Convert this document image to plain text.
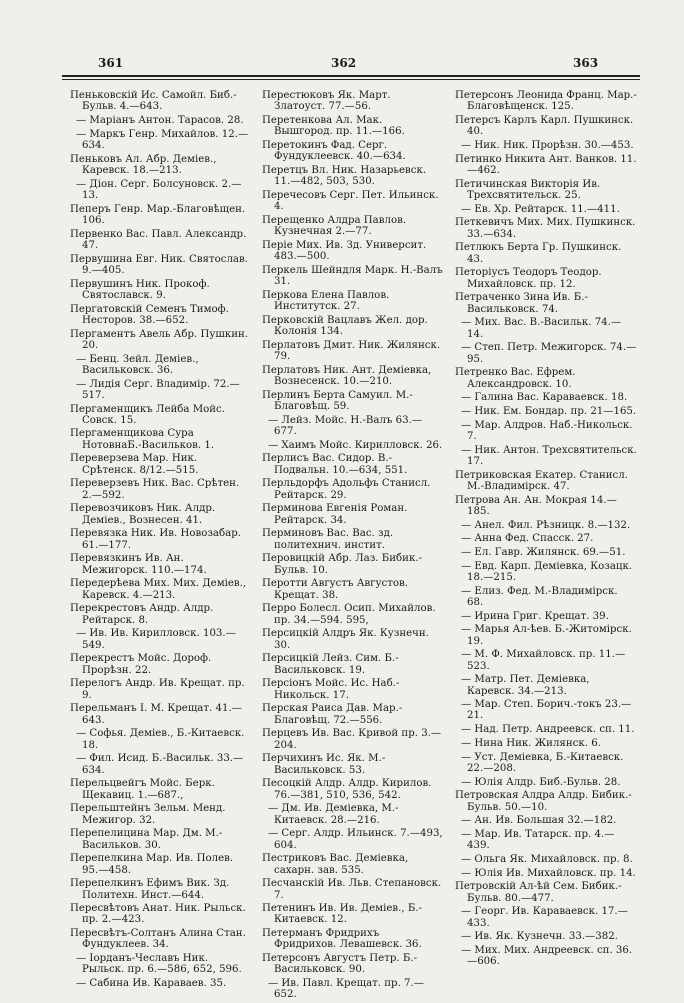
361	362	363
Пеньковскій Ис. Самойл. Биб.-Бульв. 4.—643.
— Маріанъ Антон. Тарасов. 28.
— Маркъ Генр. Михайлов. 12.—634.
Пеньковъ Ал. Абр. Деміев., Каревск. 18.—213.
— Діон. Серг. Болсуновск. 2.—13.
Пеперъ Генр. Мар.-Благовѣщен. 106.
Первенко Вас. Павл. Александр. 47.
Первушина Евг. Ник. Святослав. 9.—405.
Первушинъ Ник. Прокоф. Святославск. 9.
Пергатовскій Семенъ Тимоф. Несторов. 38.—652.
Пергаментъ Авель Абр. Пушкин. 20.
— Бенц. Зейл. Деміев., Васильковск. 36.
— Лидія Серг. Владимір. 72.—517.
Пергаменщикъ Лейба Мойс. Совск. 15.
Пергаменщикова Сура НотовнаБ.-Васильков. 1.
Переверзева Мар. Ник. Срѣтенск. 8/12.—515.
Переверзевъ Ник. Вас. Срѣтен. 2.—592.
Перевозчиковъ Ник. Алдр. Деміев., Вознесен. 41.
Перевязка Ник. Ив. Новозабар. 61.—177.
Перевязкинъ Ив. Ан. Межигорск. 110.—174.
Передерѣева Мих. Мих. Деміев., Каревск. 4.—213.
Перекрестовъ Андр. Алдр. Рейтарск. 8.
— Ив. Ив. Кирилловск. 103.—549.
Перекрестъ Мойс. Дороф. Прорѣзн. 22.
Перелогъ Андр. Ив. Крещат. пр. 9.
Перельманъ І. М. Крещат. 41.—643.
— Софья. Деміев., Б.-Китаевск. 18.
— Фил. Исид. Б.-Васильк. 33.—634.
Перельцвейгъ Мойс. Берк. Щекавиц. 1.—687.,
Перельштейнъ Зельм. Менд. Межигор. 32.
Перепелицина Мар. Дм. М.-Васильков. 30.
Перепелкина Мар. Ив. Полев. 95.—458.
Перепелкинъ Ефимъ Вик. Зд. Политехн. Инст.—644.
Пересвѣтовъ Анат. Ник. Рыльск. пр. 2.—423.
Пересвѣтъ-Солтанъ Алина Стан. Фундуклеев. 34.
— Іорданъ-Чеславъ Ник. Рыльск. пр. 6.—586, 652, 596.
— Сабина Ив. Караваев. 35.
Перестюковъ Як. Март. Златоуст. 77.—56.
Перетенкова Ал. Мак. Вышгород. пр. 11.—166.
Перетокинъ Фад. Серг. Фундуклеевск. 40.—634.
Перетцъ Вл. Ник. Назарьевск. 11.—482, 503, 530.
Перечесовъ Серг. Пет. Ильинск. 4.
Перещенко Алдра Павлов. Кузнечная 2.—77.
Періе Мих. Ив. Зд. Университ. 483.—500.
Перкель Шейндля Марк. Н.-Валъ 31.
Перкова Елена Павлов. Институтск. 27.
Перковскій Вацлавъ Жел. дор. Колонія 134.
Перлатовъ Дмит. Ник. Жилянск. 79.
Перлатовъ Ник. Ант. Деміевка, Вознесенск. 10.—210.
Перлинъ Берта Самуил. М.-Благовѣщ. 59.
— Лейз. Мойс. Н.-Валъ 63.—677.
— Хаимъ Мойс. Кирилловск. 26.
Перлисъ Вас. Сидор. В.-Подвальн. 10.—634, 551.
Перльдорфъ Адольфъ Станисл. Рейтарск. 29.
Перминова Евгенія Роман. Рейтарск. 34.
Перминовъ Вас. Вас. зд. политехнич. инстит.
Перовицкій Абр. Лаз. Бибик.-Бульв. 10.
Перотти Августъ Августов. Крещат. 38.
Перро Болесл. Осип. Михайлов. пр. 34.—594. 595,
Персицкій Алдръ Як. Кузнечн. 30.
Персицкій Лейз. Сим. Б.-Васильковск. 19.
Персіонъ Мойс. Ис. Наб.-Никольск. 17.
Перская Раиса Дав. Мар.-Благовѣщ. 72.—556.
Перцевъ Ив. Вас. Кривой пр. 3.—204.
Перчихинъ Ис. Як. М.-Васильковск. 53.
Песоцкій Алдр. Алдр. Кирилов. 76.—381, 510, 536, 542.
— Дм. Ив. Деміевка, М.-Китаевск. 28.—216.
— Серг. Алдр. Ильинск. 7.—493, 604.
Пестриковъ Вас. Деміевка, сахарн. зав. 535.
Песчанскій Ив. Льв. Степановск. 7.
Петенинъ Ив. Ив. Деміев., Б.-Китаевск. 12.
Петерманъ Фридрихъ Фридрихов. Левашевск. 36.
Петерсонъ Августъ Петр. Б.-Васильковск. 90.
— Ив. Павл. Крещат. пр. 7.—652.
Петерсонъ Леонида Франц. Мар.-Благовѣщенск. 125.
Петерсъ Карлъ Карл. Пушкинск. 40.
— Ник. Ник. Прорѣзн. 30.—453.
Петинко Никита Ант. Ванков. 11.—462.
Петичинская Викторія Ив. Трехсвятительск. 25.
— Ев. Хр. Рейтарск. 11.—411.
Петкевичъ Мих. Мих. Пушкинск. 33.—634.
Петлюкъ Берта Гр. Пушкинск. 43.
Петоріусъ Теодоръ Теодор. Михайловск. пр. 12.
Петраченко Зина Ив. Б.-Васильковск. 74.
— Мих. Вас. В.-Васильк. 74.—14.
— Степ. Петр. Межигорск. 74.—95.
Петренко Вас. Ефрем. Александровск. 10.
— Галина Вас. Караваевск. 18.
— Ник. Ем. Бондар. пр. 21—165.
— Мар. Алдров. Наб.-Никольск. 7.
— Ник. Антон. Трехсвятительск. 17.
Петриковская Екатер. Станисл. М.-Владимірск. 47.
Петрова Ан. Ан. Мокрая 14.—185.
— Анел. Фил. Рѣзницк. 8.—132.
— Анна Фед. Спасск. 27.
— Ел. Гавр. Жилянск. 69.—51.
— Евд. Карп. Деміевка, Козацк. 18.—215.
— Елиз. Фед. М.-Владимірск. 68.
— Ирина Григ. Крещат. 39.
— Марья Ал-ѣев. Б.-Житомірск. 19.
— М. Ф. Михайловск. пр. 11.—523.
— Матр. Пет. Деміевка, Каревск. 34.—213.
— Мар. Степ. Борич.-токъ 23.—21.
— Над. Петр. Андреевск. сп. 11.
— Нина Ник. Жилянск. 6.
— Уст. Деміевка, Б.-Китаевск. 22.—208.
— Юлія Алдр. Биб.-Бульв. 28.
Петровская Алдра Алдр. Бибик.-Бульв. 50.—10.
— Ан. Ив. Большая 32.—182.
— Мар. Ив. Татарск. пр. 4.—439.
— Ольга Як. Михайловск. пр. 8.
— Юлія Ив. Михайловск. пр. 14.
Петровскій Ал-ѣй Сем. Бибик.-Бульв. 80.—477.
— Георг. Ив. Караваевск. 17.—433.
— Ив. Як. Кузнечн. 33.—382.
— Мих. Мих. Андреевск. сп. 36.—606.
